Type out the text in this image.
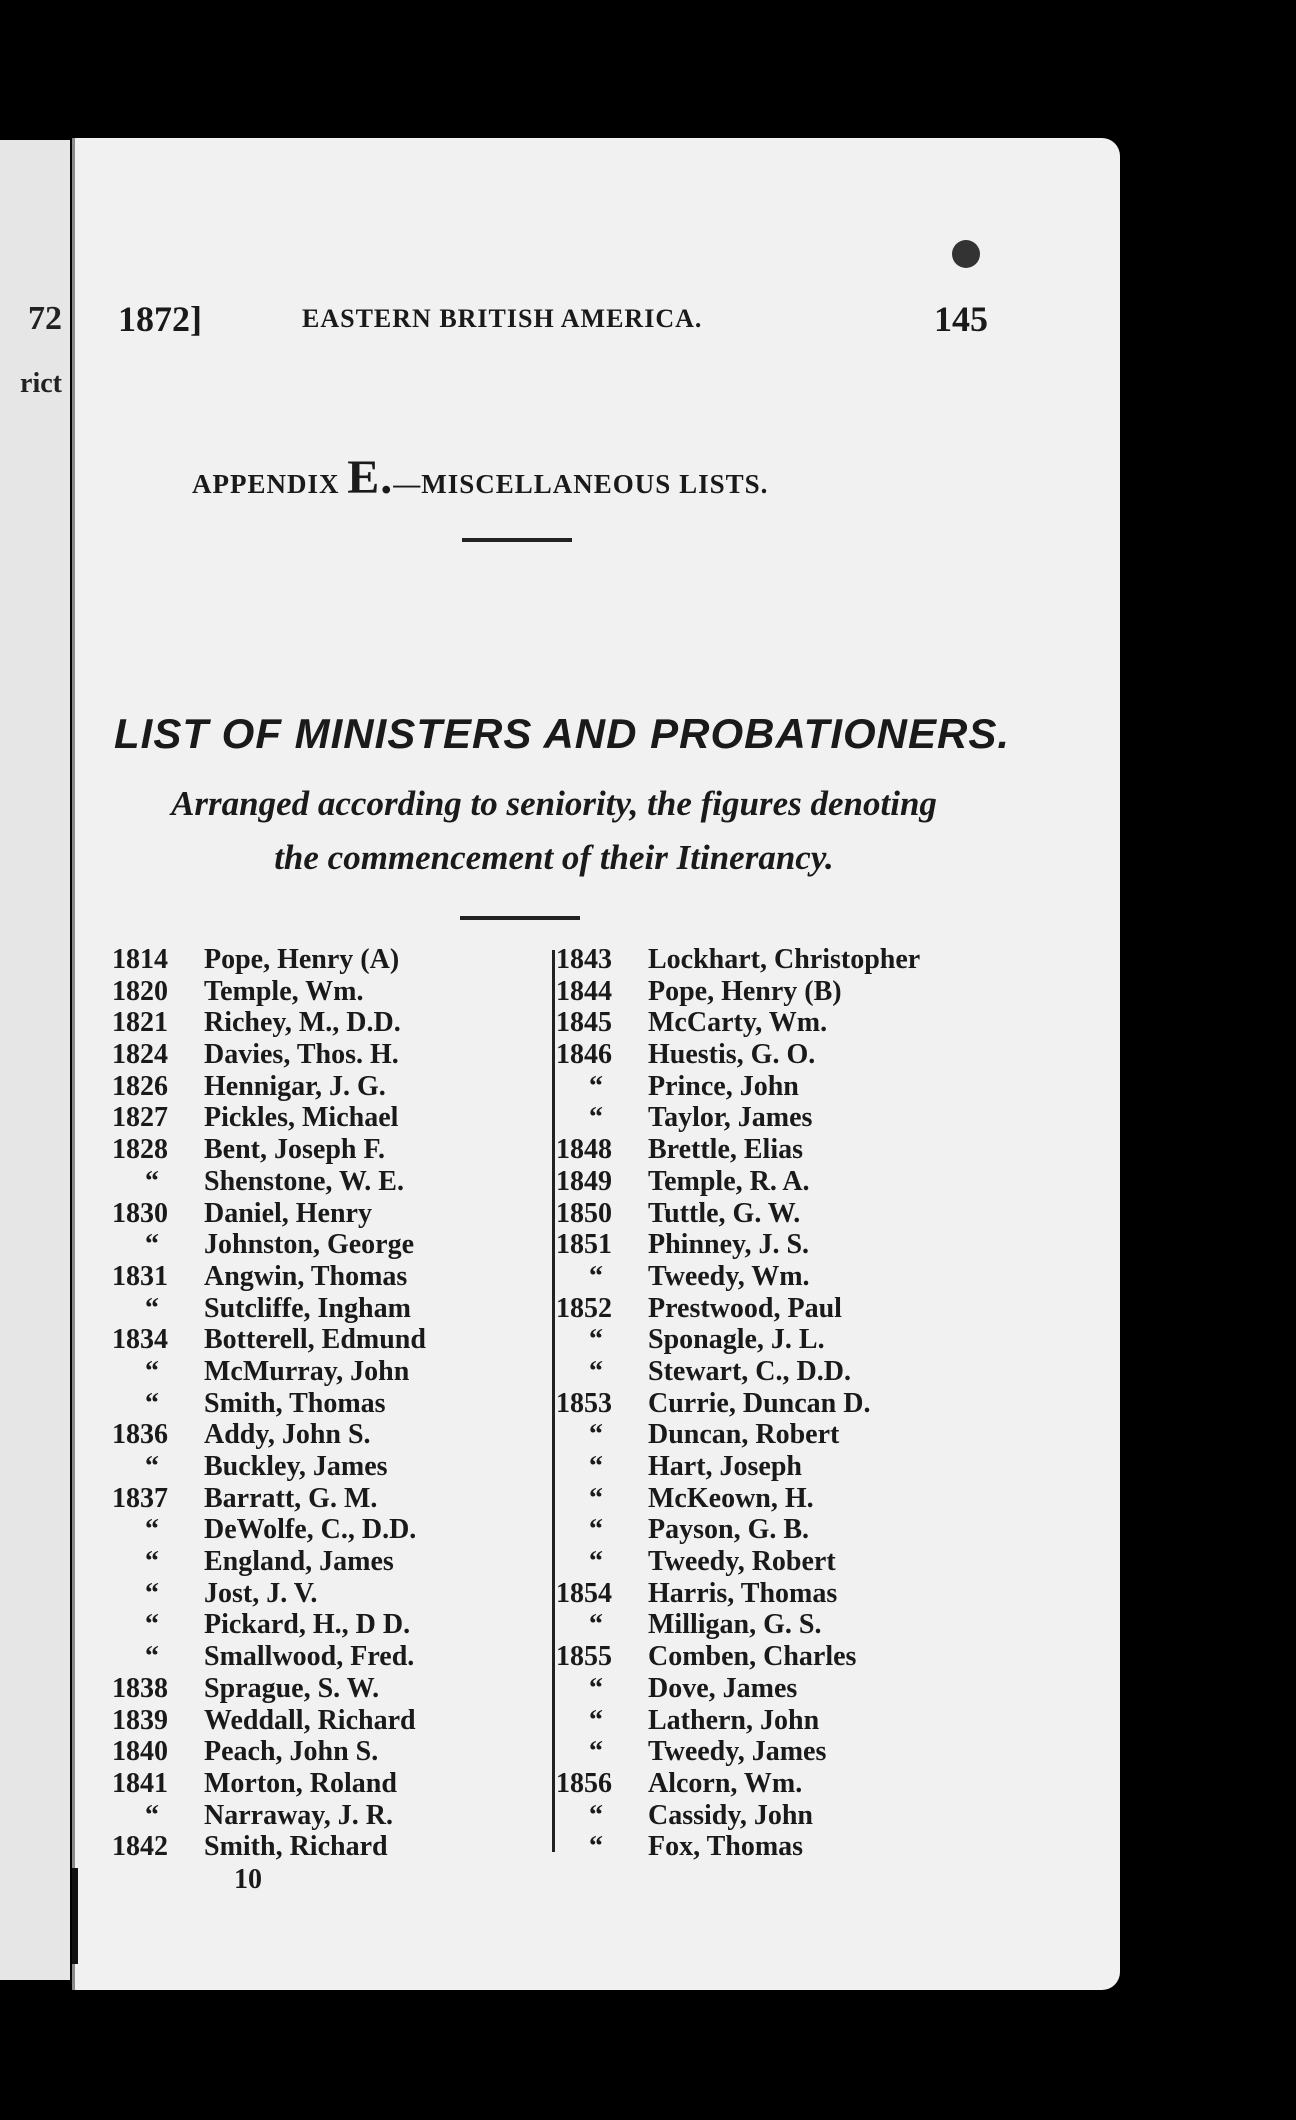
72
rict
1872]	EASTERN BRITISH AMERICA.	145
APPENDIX E.—MISCELLANEOUS LISTS.
LIST OF MINISTERS AND PROBATIONERS.
Arranged according to seniority, the figures denoting
the commencement of their Itinerancy.
1814 Pope, Henry (A)
1820 Temple, Wm.
1821 Richey, M., D.D.
1824 Davies, Thos. H.
1826 Hennigar, J. G.
1827 Pickles, Michael
1828 Bent, Joseph F.
“ Shenstone, W. E.
1830 Daniel, Henry
“ Johnston, George
1831 Angwin, Thomas
“ Sutcliffe, Ingham
1834 Botterell, Edmund
“ McMurray, John
“ Smith, Thomas
1836 Addy, John S.
“ Buckley, James
1837 Barratt, G. M.
“ DeWolfe, C., D.D.
“ England, James
“ Jost, J. V.
“ Pickard, H., D D.
“ Smallwood, Fred.
1838 Sprague, S. W.
1839 Weddall, Richard
1840 Peach, John S.
1841 Morton, Roland
“ Narraway, J. R.
1842 Smith, Richard
1843 Lockhart, Christopher
1844 Pope, Henry (B)
1845 McCarty, Wm.
1846 Huestis, G. O.
“ Prince, John
“ Taylor, James
1848 Brettle, Elias
1849 Temple, R. A.
1850 Tuttle, G. W.
1851 Phinney, J. S.
“ Tweedy, Wm.
1852 Prestwood, Paul
“ Sponagle, J. L.
“ Stewart, C., D.D.
1853 Currie, Duncan D.
“ Duncan, Robert
“ Hart, Joseph
“ McKeown, H.
“ Payson, G. B.
“ Tweedy, Robert
1854 Harris, Thomas
“ Milligan, G. S.
1855 Comben, Charles
“ Dove, James
“ Lathern, John
“ Tweedy, James
1856 Alcorn, Wm.
“ Cassidy, John
“ Fox, Thomas
10
